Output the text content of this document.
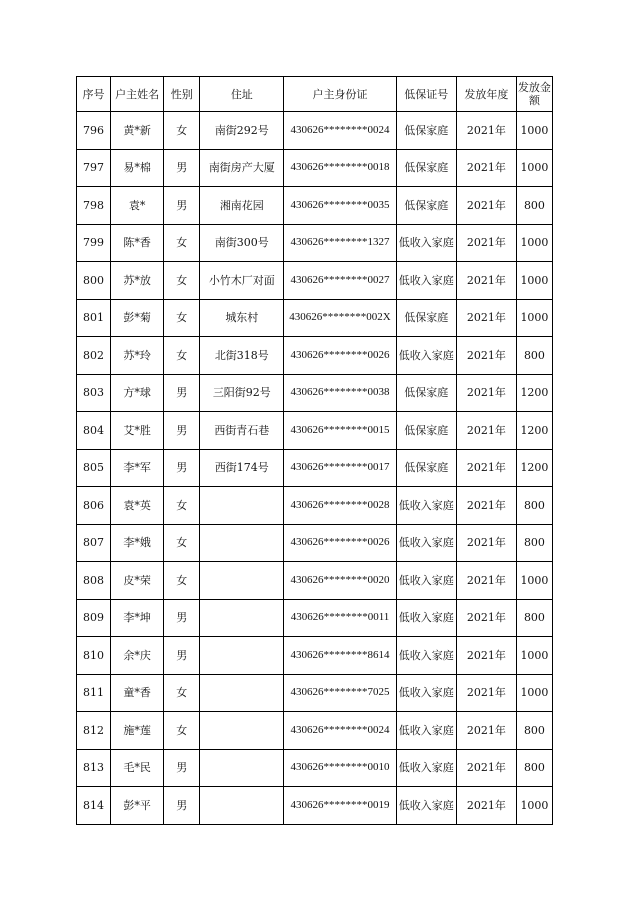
序号	户主姓名	性别	住址	户主身份证	低保证号	发放年度	发放金额
796	黄*新	女	南街292号	430626********0024	低保家庭	2021年	1000
797	易*棉	男	南街房产大厦	430626********0018	低保家庭	2021年	1000
798	袁*	男	湘南花园	430626********0035	低保家庭	2021年	800
799	陈*香	女	南街300号	430626********1327	低收入家庭	2021年	1000
800	苏*放	女	小竹木厂对面	430626********0027	低收入家庭	2021年	1000
801	彭*菊	女	城东村	430626********002X	低保家庭	2021年	1000
802	苏*玲	女	北街318号	430626********0026	低收入家庭	2021年	800
803	方*球	男	三阳街92号	430626********0038	低保家庭	2021年	1200
804	艾*胜	男	西街青石巷	430626********0015	低保家庭	2021年	1200
805	李*军	男	西街174号	430626********0017	低保家庭	2021年	1200
806	袁*英	女		430626********0028	低收入家庭	2021年	800
807	李*娥	女		430626********0026	低收入家庭	2021年	800
808	皮*荣	女		430626********0020	低收入家庭	2021年	1000
809	李*坤	男		430626********0011	低收入家庭	2021年	800
810	余*庆	男		430626********8614	低收入家庭	2021年	1000
811	童*香	女		430626********7025	低收入家庭	2021年	1000
812	施*莲	女		430626********0024	低收入家庭	2021年	800
813	毛*民	男		430626********0010	低收入家庭	2021年	800
814	彭*平	男		430626********0019	低收入家庭	2021年	1000
